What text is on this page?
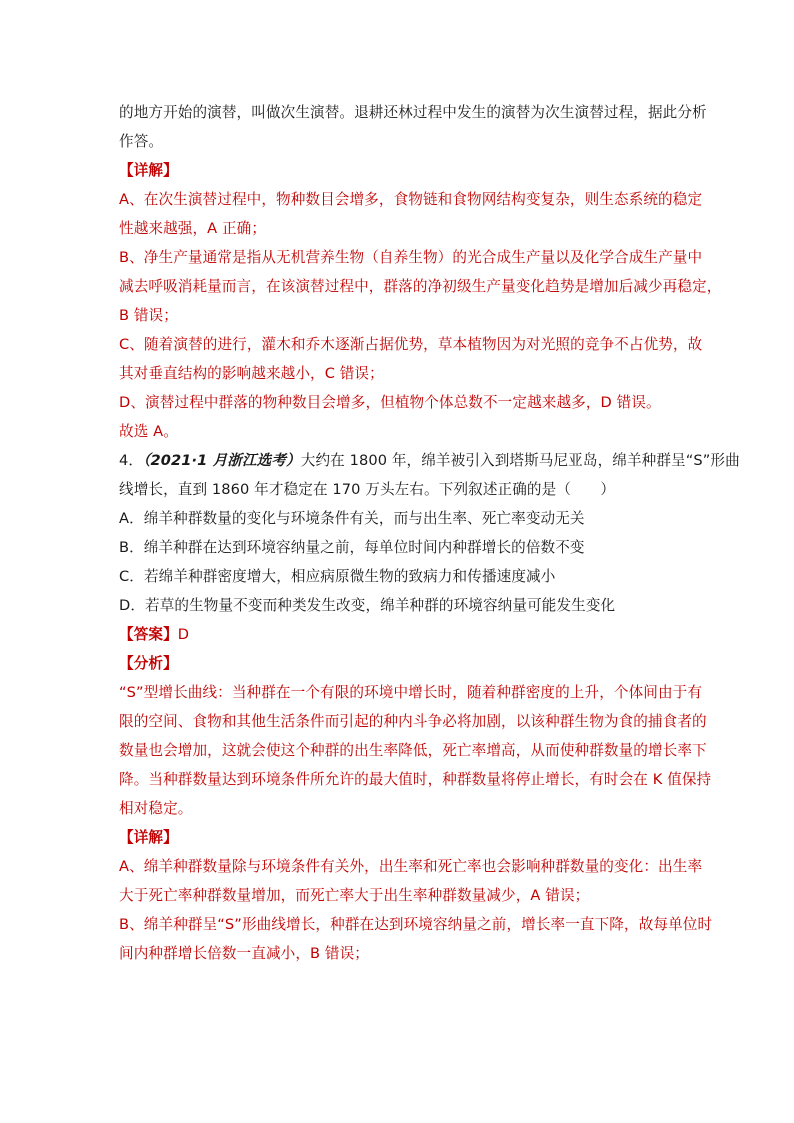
的地方开始的演替，叫做次生演替。退耕还林过程中发生的演替为次生演替过程，据此分析

作答。

【详解】

A、在次生演替过程中，物种数目会增多，食物链和食物网结构变复杂，则生态系统的稳定

性越来越强，A 正确；

B、净生产量通常是指从无机营养生物（自养生物）的光合成生产量以及化学合成生产量中

减去呼吸消耗量而言，在该演替过程中，群落的净初级生产量变化趋势是增加后减少再稳定，

B 错误；

C、随着演替的进行，灌木和乔木逐渐占据优势，草本植物因为对光照的竞争不占优势，故

其对垂直结构的影响越来越小，C 错误；

D、演替过程中群落的物种数目会增多，但植物个体总数不一定越来越多，D 错误。

故选 A。

4．（2021·1 月浙江选考）大约在 1800 年，绵羊被引入到塔斯马尼亚岛，绵羊种群呈“S”形曲

线增长，直到 1860 年才稳定在 170 万头左右。下列叙述正确的是（　　）

A．绵羊种群数量的变化与环境条件有关，而与出生率、死亡率变动无关

B．绵羊种群在达到环境容纳量之前，每单位时间内种群增长的倍数不变

C．若绵羊种群密度增大，相应病原微生物的致病力和传播速度减小

D．若草的生物量不变而种类发生改变，绵羊种群的环境容纳量可能发生变化

【答案】D

【分析】

“S”型增长曲线：当种群在一个有限的环境中增长时，随着种群密度的上升，个体间由于有

限的空间、食物和其他生活条件而引起的种内斗争必将加剧，以该种群生物为食的捕食者的

数量也会增加，这就会使这个种群的出生率降低，死亡率增高，从而使种群数量的增长率下

降。当种群数量达到环境条件所允许的最大值时，种群数量将停止增长，有时会在 K 值保持

相对稳定。

【详解】

A、绵羊种群数量除与环境条件有关外，出生率和死亡率也会影响种群数量的变化：出生率

大于死亡率种群数量增加，而死亡率大于出生率种群数量减少，A 错误；

B、绵羊种群呈“S”形曲线增长，种群在达到环境容纳量之前，增长率一直下降，故每单位时

间内种群增长倍数一直减小，B 错误；
